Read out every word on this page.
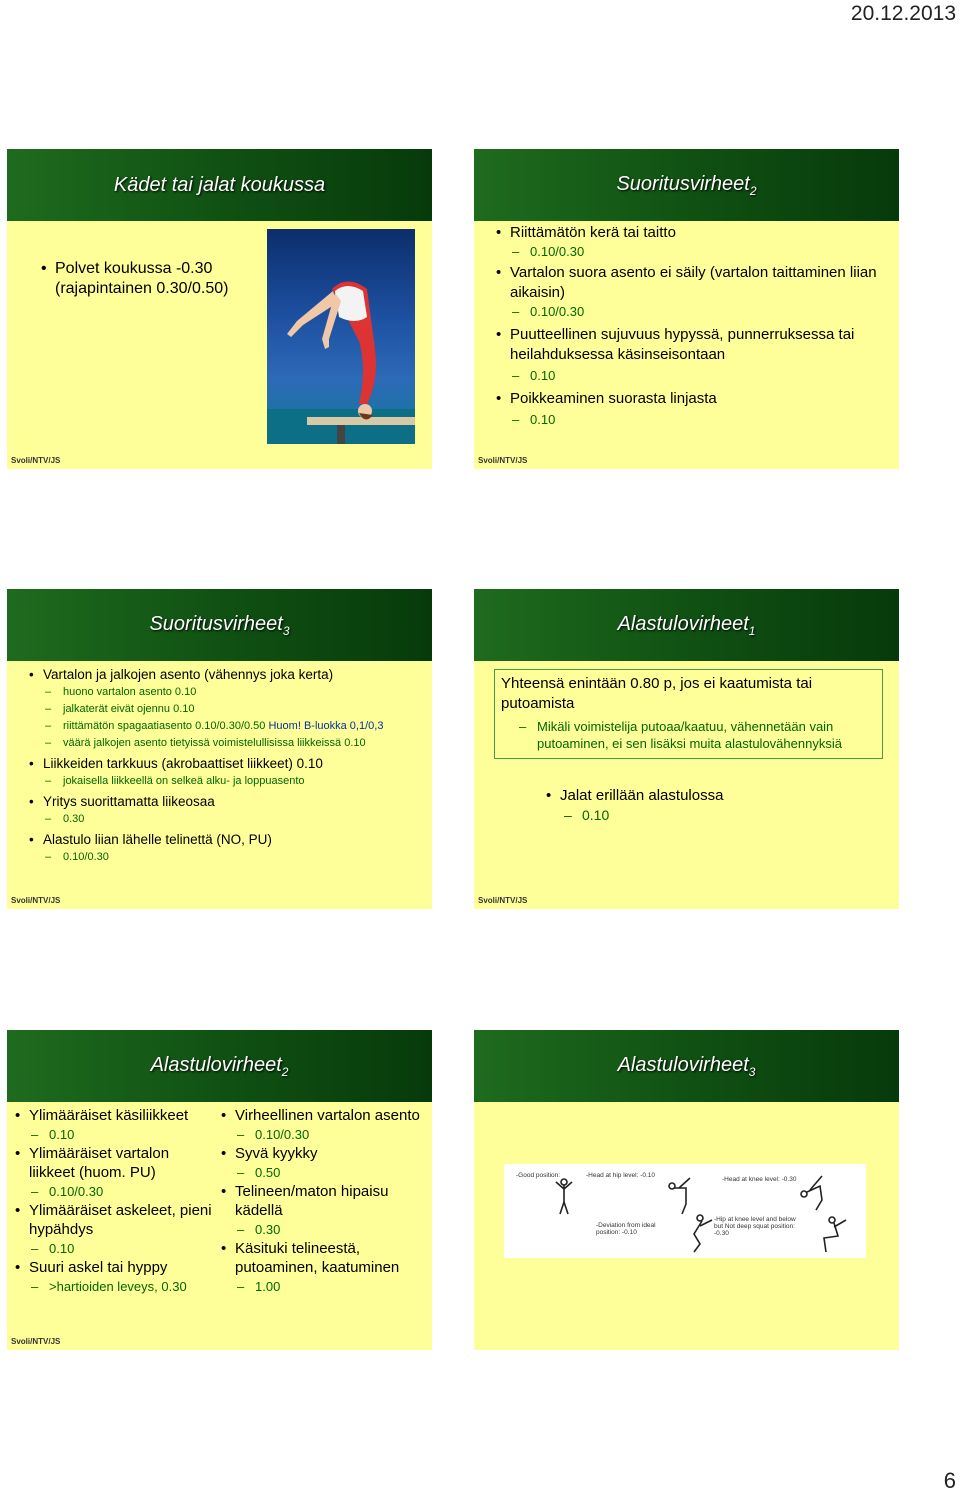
20.12.2013
Kädet tai jalat koukussa
• Polvet koukussa -0.30 (rajapintainen 0.30/0.50)
Svoli/NTV/JS
Suoritusvirheet$_2$
• Riittämätön kerä tai taitto
– 0.10/0.30
• Vartalon suora asento ei säily (vartalon taittaminen liian aikaisin)
– 0.10/0.30
• Puutteellinen sujuvuus hypyssä, punnerruksessa tai heilahduksessa käsinseisontaan
– 0.10
• Poikkeaminen suorasta linjasta
– 0.10
Svoli/NTV/JS
Suoritusvirheet$_3$
• Vartalon ja jalkojen asento (vähennys joka kerta)
– huono vartalon asento 0.10
– jalkaterät eivät ojennu 0.10
– riittämätön spagaatiasento 0.10/0.30/0.50 Huom! B-luokka 0,1/0,3
– väärä jalkojen asento tietyissä voimistelullisissa liikkeissä 0.10
• Liikkeiden tarkkuus (akrobaattiset liikkeet) 0.10
– jokaisella liikkeellä on selkeä alku- ja loppuasento
• Yritys suorittamatta liikeosaa
– 0.30
• Alastulo liian lähelle telinettä (NO, PU)
– 0.10/0.30
Svoli/NTV/JS
Alastulovirheet$_1$
Yhteensä enintään 0.80 p, jos ei kaatumista tai putoamista
– Mikäli voimistelija putoaa/kaatuu, vähennetään vain putoaminen, ei sen lisäksi muita alastulovähennyksiä
• Jalat erillään alastulossa
– 0.10
Svoli/NTV/JS
Alastulovirheet$_2$
• Ylimääräiset käsiliikkeet
– 0.10
• Ylimääräiset vartalon liikkeet (huom. PU)
– 0.10/0.30
• Ylimääräiset askeleet, pieni hypähdys
– 0.10
• Suuri askel tai hyppy
– >hartioiden leveys, 0.30
• Virheellinen vartalon asento
– 0.10/0.30
• Syvä kyykky
– 0.50
• Telineen/maton hipaisu kädellä
– 0.30
• Käsituki telineestä, putoaminen, kaatuminen
– 1.00
Svoli/NTV/JS
Alastulovirheet$_3$
-Good position:	-Head at hip level: -0.10
-Head at knee level: -0.30
-Deviation from ideal position: -0.10
-Hip at knee level and below but Not deep squat position: -0.30
6
